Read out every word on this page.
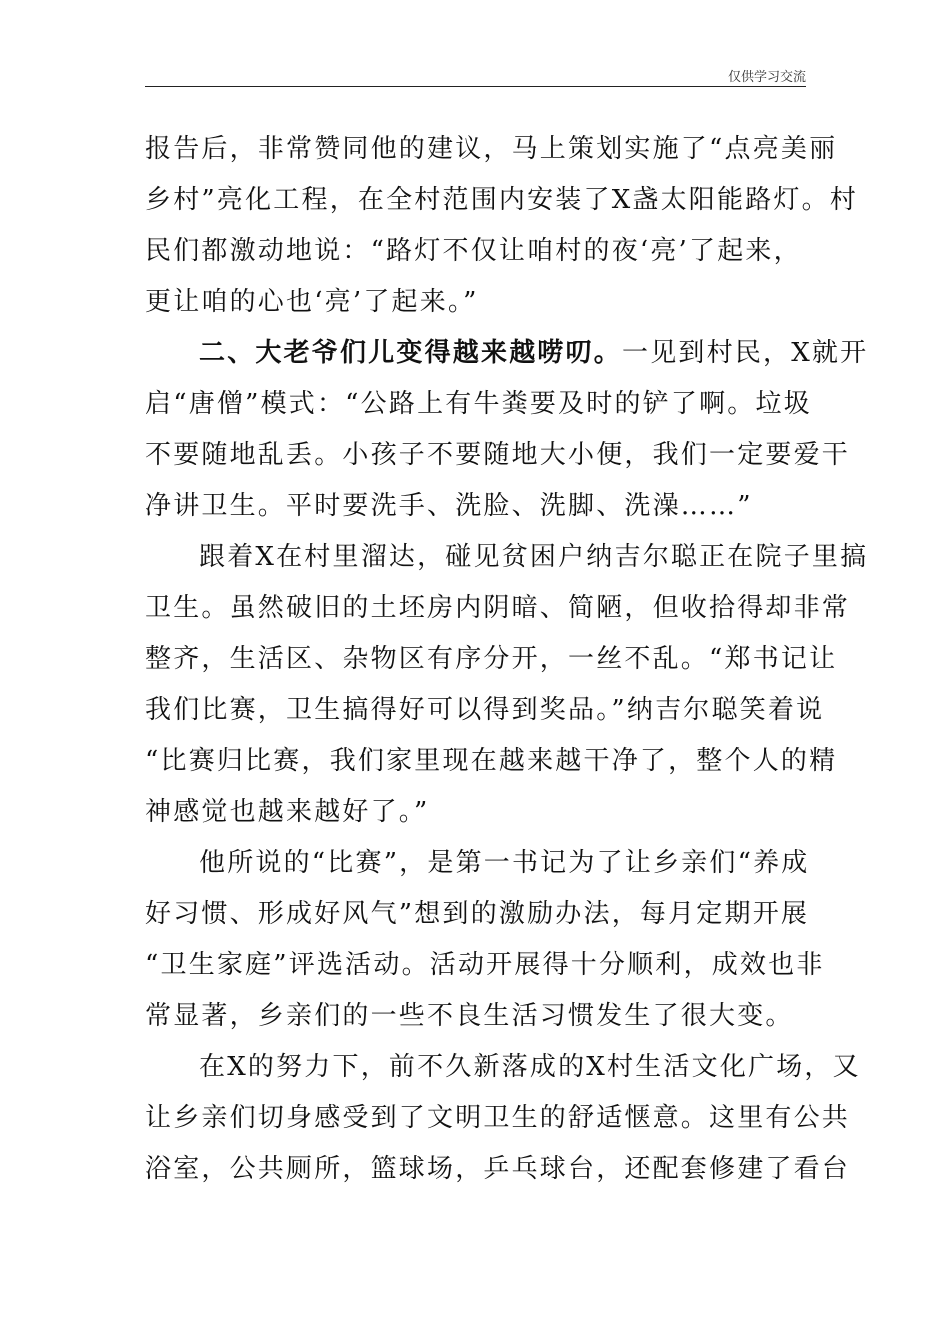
仅供学习交流
报告后，非常赞同他的建议，马上策划实施了“点亮美丽
乡村”亮化工程，在全村范围内安装了X盏太阳能路灯。村
民们都激动地说：“路灯不仅让咱村的夜‘亮’了起来，
更让咱的心也‘亮’了起来。”
二、大老爷们儿变得越来越唠叨。一见到村民，X就开
启“唐僧”模式：“公路上有牛粪要及时的铲了啊。垃圾
不要随地乱丢。小孩子不要随地大小便，我们一定要爱干
净讲卫生。平时要洗手、洗脸、洗脚、洗澡……”
跟着X在村里溜达，碰见贫困户纳吉尔聪正在院子里搞
卫生。虽然破旧的土坯房内阴暗、简陋，但收拾得却非常
整齐，生活区、杂物区有序分开，一丝不乱。“郑书记让
我们比赛，卫生搞得好可以得到奖品。”纳吉尔聪笑着说
“比赛归比赛，我们家里现在越来越干净了，整个人的精
神感觉也越来越好了。”
他所说的“比赛”，是第一书记为了让乡亲们“养成
好习惯、形成好风气”想到的激励办法，每月定期开展
“卫生家庭”评选活动。活动开展得十分顺利，成效也非
常显著，乡亲们的一些不良生活习惯发生了很大变。
在X的努力下，前不久新落成的X村生活文化广场，又
让乡亲们切身感受到了文明卫生的舒适惬意。这里有公共
浴室，公共厕所，篮球场，乒乓球台，还配套修建了看台
